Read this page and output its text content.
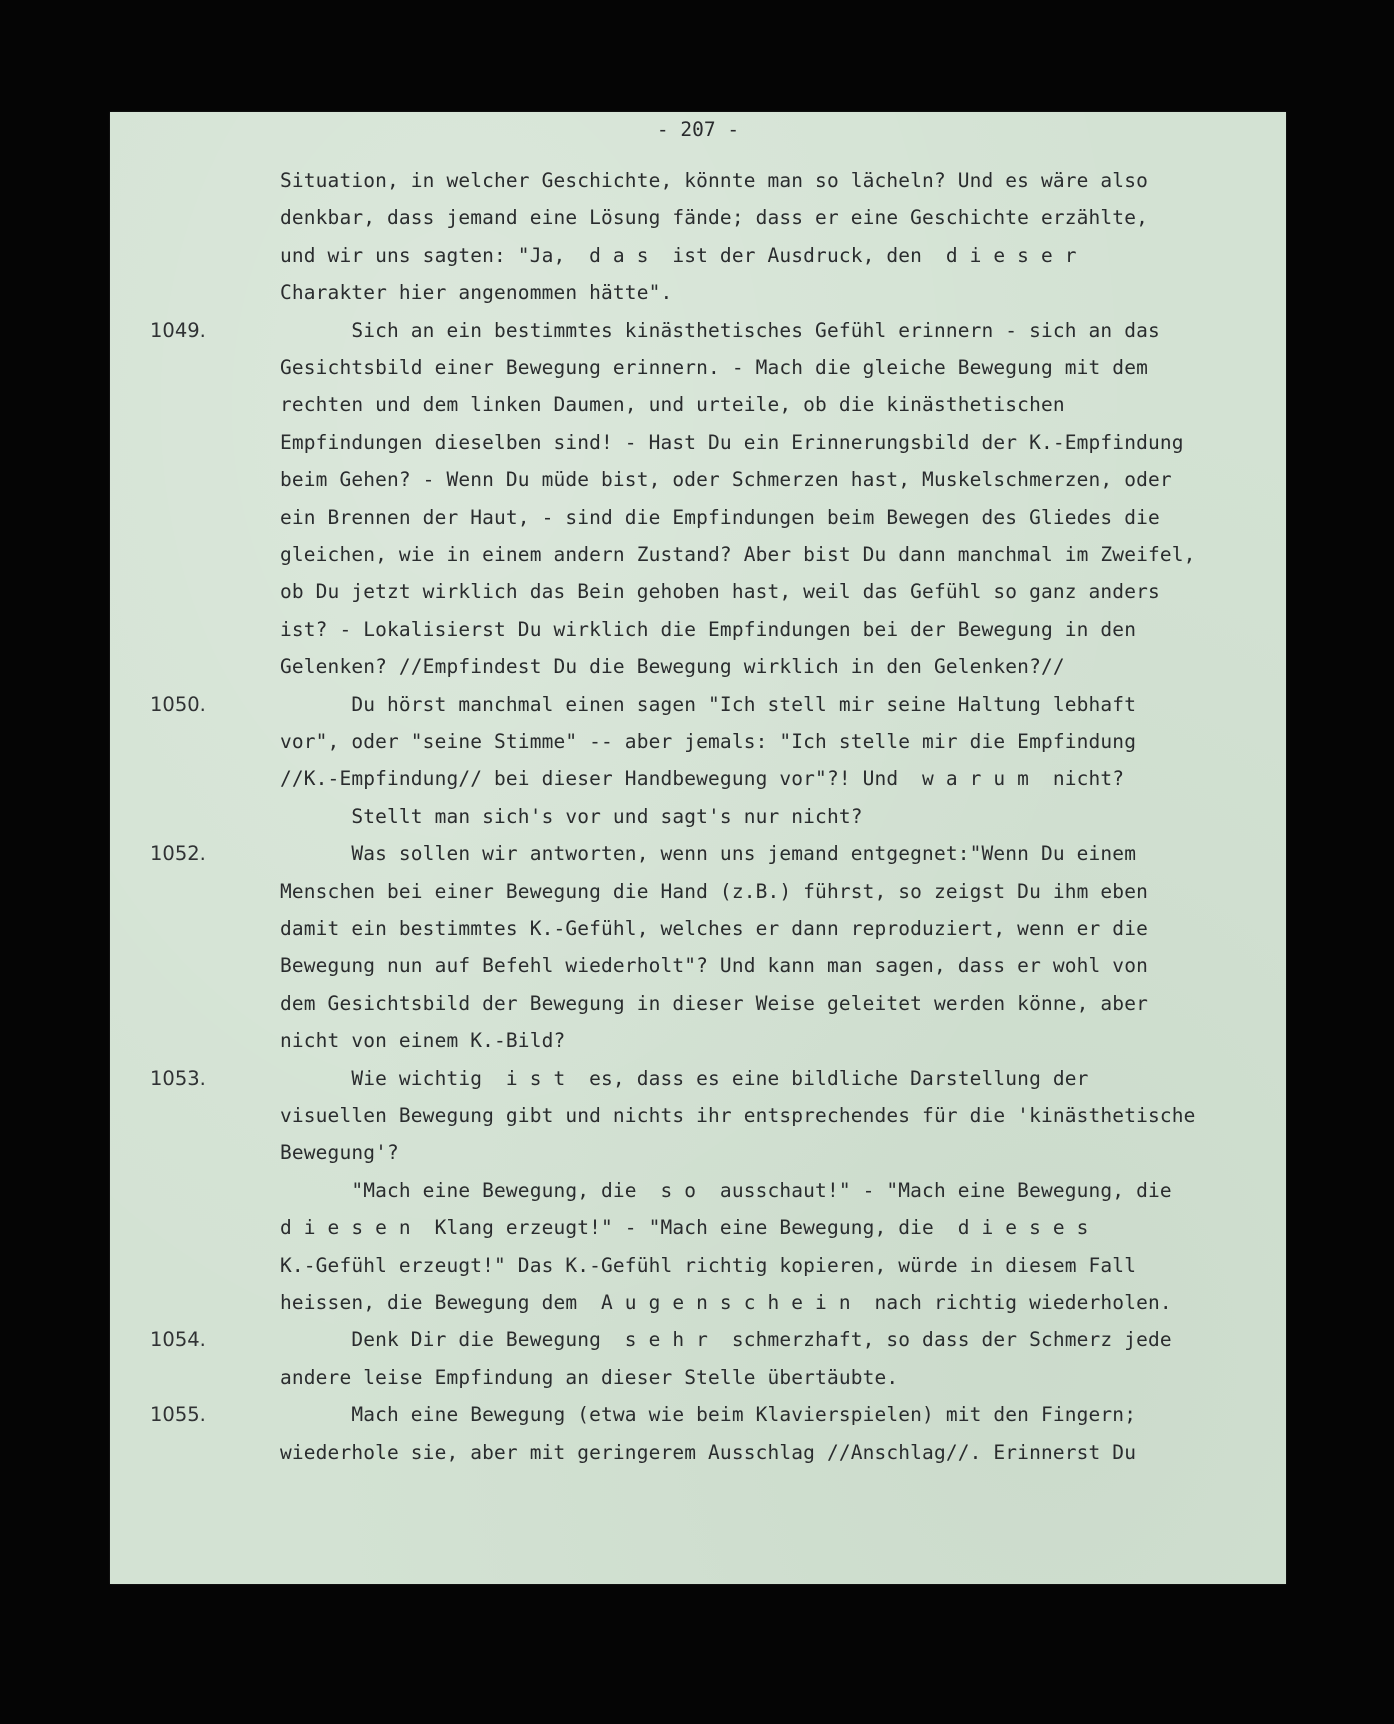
- 207 -
Situation, in welcher Geschichte, könnte man so lächeln? Und es wäre also
denkbar, dass jemand eine Lösung fände; dass er eine Geschichte erzählte,
und wir uns sagten: "Ja,  d a s  ist der Ausdruck, den  d i e s e r
Charakter hier angenommen hätte".
1049.	Sich an ein bestimmtes kinästhetisches Gefühl erinnern - sich an das
Gesichtsbild einer Bewegung erinnern. - Mach die gleiche Bewegung mit dem
rechten und dem linken Daumen, und urteile, ob die kinästhetischen
Empfindungen dieselben sind! - Hast Du ein Erinnerungsbild der K.-Empfindung
beim Gehen? - Wenn Du müde bist, oder Schmerzen hast, Muskelschmerzen, oder
ein Brennen der Haut, - sind die Empfindungen beim Bewegen des Gliedes die
gleichen, wie in einem andern Zustand? Aber bist Du dann manchmal im Zweifel,
ob Du jetzt wirklich das Bein gehoben hast, weil das Gefühl so ganz anders
ist? - Lokalisierst Du wirklich die Empfindungen bei der Bewegung in den
Gelenken? //Empfindest Du die Bewegung wirklich in den Gelenken?//
1050.	Du hörst manchmal einen sagen "Ich stell mir seine Haltung lebhaft
vor", oder "seine Stimme" -- aber jemals: "Ich stelle mir die Empfindung
//K.-Empfindung// bei dieser Handbewegung vor"?! Und  w a r u m  nicht?
Stellt man sich's vor und sagt's nur nicht?
1052.	Was sollen wir antworten, wenn uns jemand entgegnet:"Wenn Du einem
Menschen bei einer Bewegung die Hand (z.B.) führst, so zeigst Du ihm eben
damit ein bestimmtes K.-Gefühl, welches er dann reproduziert, wenn er die
Bewegung nun auf Befehl wiederholt"? Und kann man sagen, dass er wohl von
dem Gesichtsbild der Bewegung in dieser Weise geleitet werden könne, aber
nicht von einem K.-Bild?
1053.	Wie wichtig  i s t  es, dass es eine bildliche Darstellung der
visuellen Bewegung gibt und nichts ihr entsprechendes für die 'kinästhetische
Bewegung'?
"Mach eine Bewegung, die  s o  ausschaut!" - "Mach eine Bewegung, die
d i e s e n  Klang erzeugt!" - "Mach eine Bewegung, die  d i e s e s
K.-Gefühl erzeugt!" Das K.-Gefühl richtig kopieren, würde in diesem Fall
heissen, die Bewegung dem  A u g e n s c h e i n  nach richtig wiederholen.
1054.	Denk Dir die Bewegung  s e h r  schmerzhaft, so dass der Schmerz jede
andere leise Empfindung an dieser Stelle übertäubte.
1055.	Mach eine Bewegung (etwa wie beim Klavierspielen) mit den Fingern;
wiederhole sie, aber mit geringerem Ausschlag //Anschlag//. Erinnerst Du
